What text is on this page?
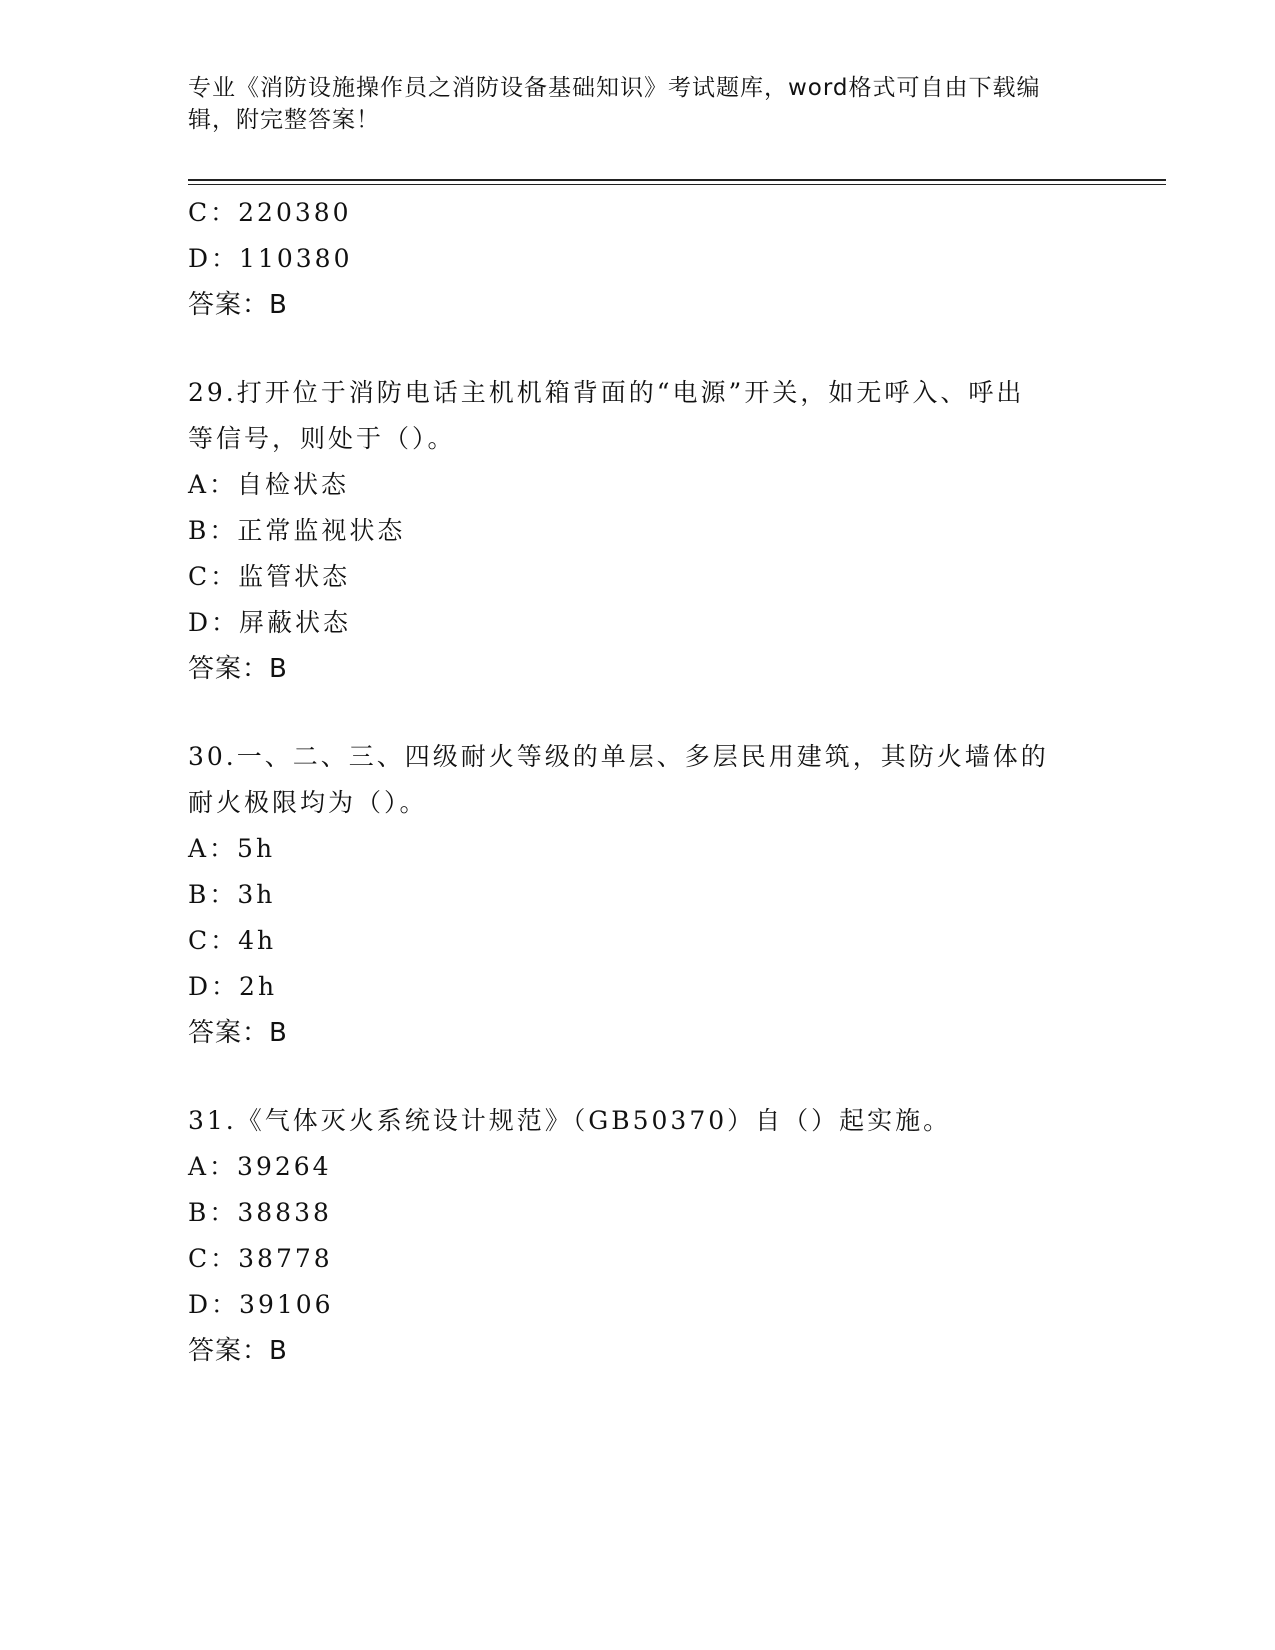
专业《消防设施操作员之消防设备基础知识》考试题库，word格式可自由下载编
辑，附完整答案！
C：220380
D：110380
答案：B
29.打开位于消防电话主机机箱背面的“电源”开关，如无呼入、呼出
等信号，则处于（）。
A：自检状态
B：正常监视状态
C：监管状态
D：屏蔽状态
答案：B
30.一、二、三、四级耐火等级的单层、多层民用建筑，其防火墙体的
耐火极限均为（）。
A：5h
B：3h
C：4h
D：2h
答案：B
31.《气体灭火系统设计规范》（GB50370）自（）起实施。
A：39264
B：38838
C：38778
D：39106
答案：B
